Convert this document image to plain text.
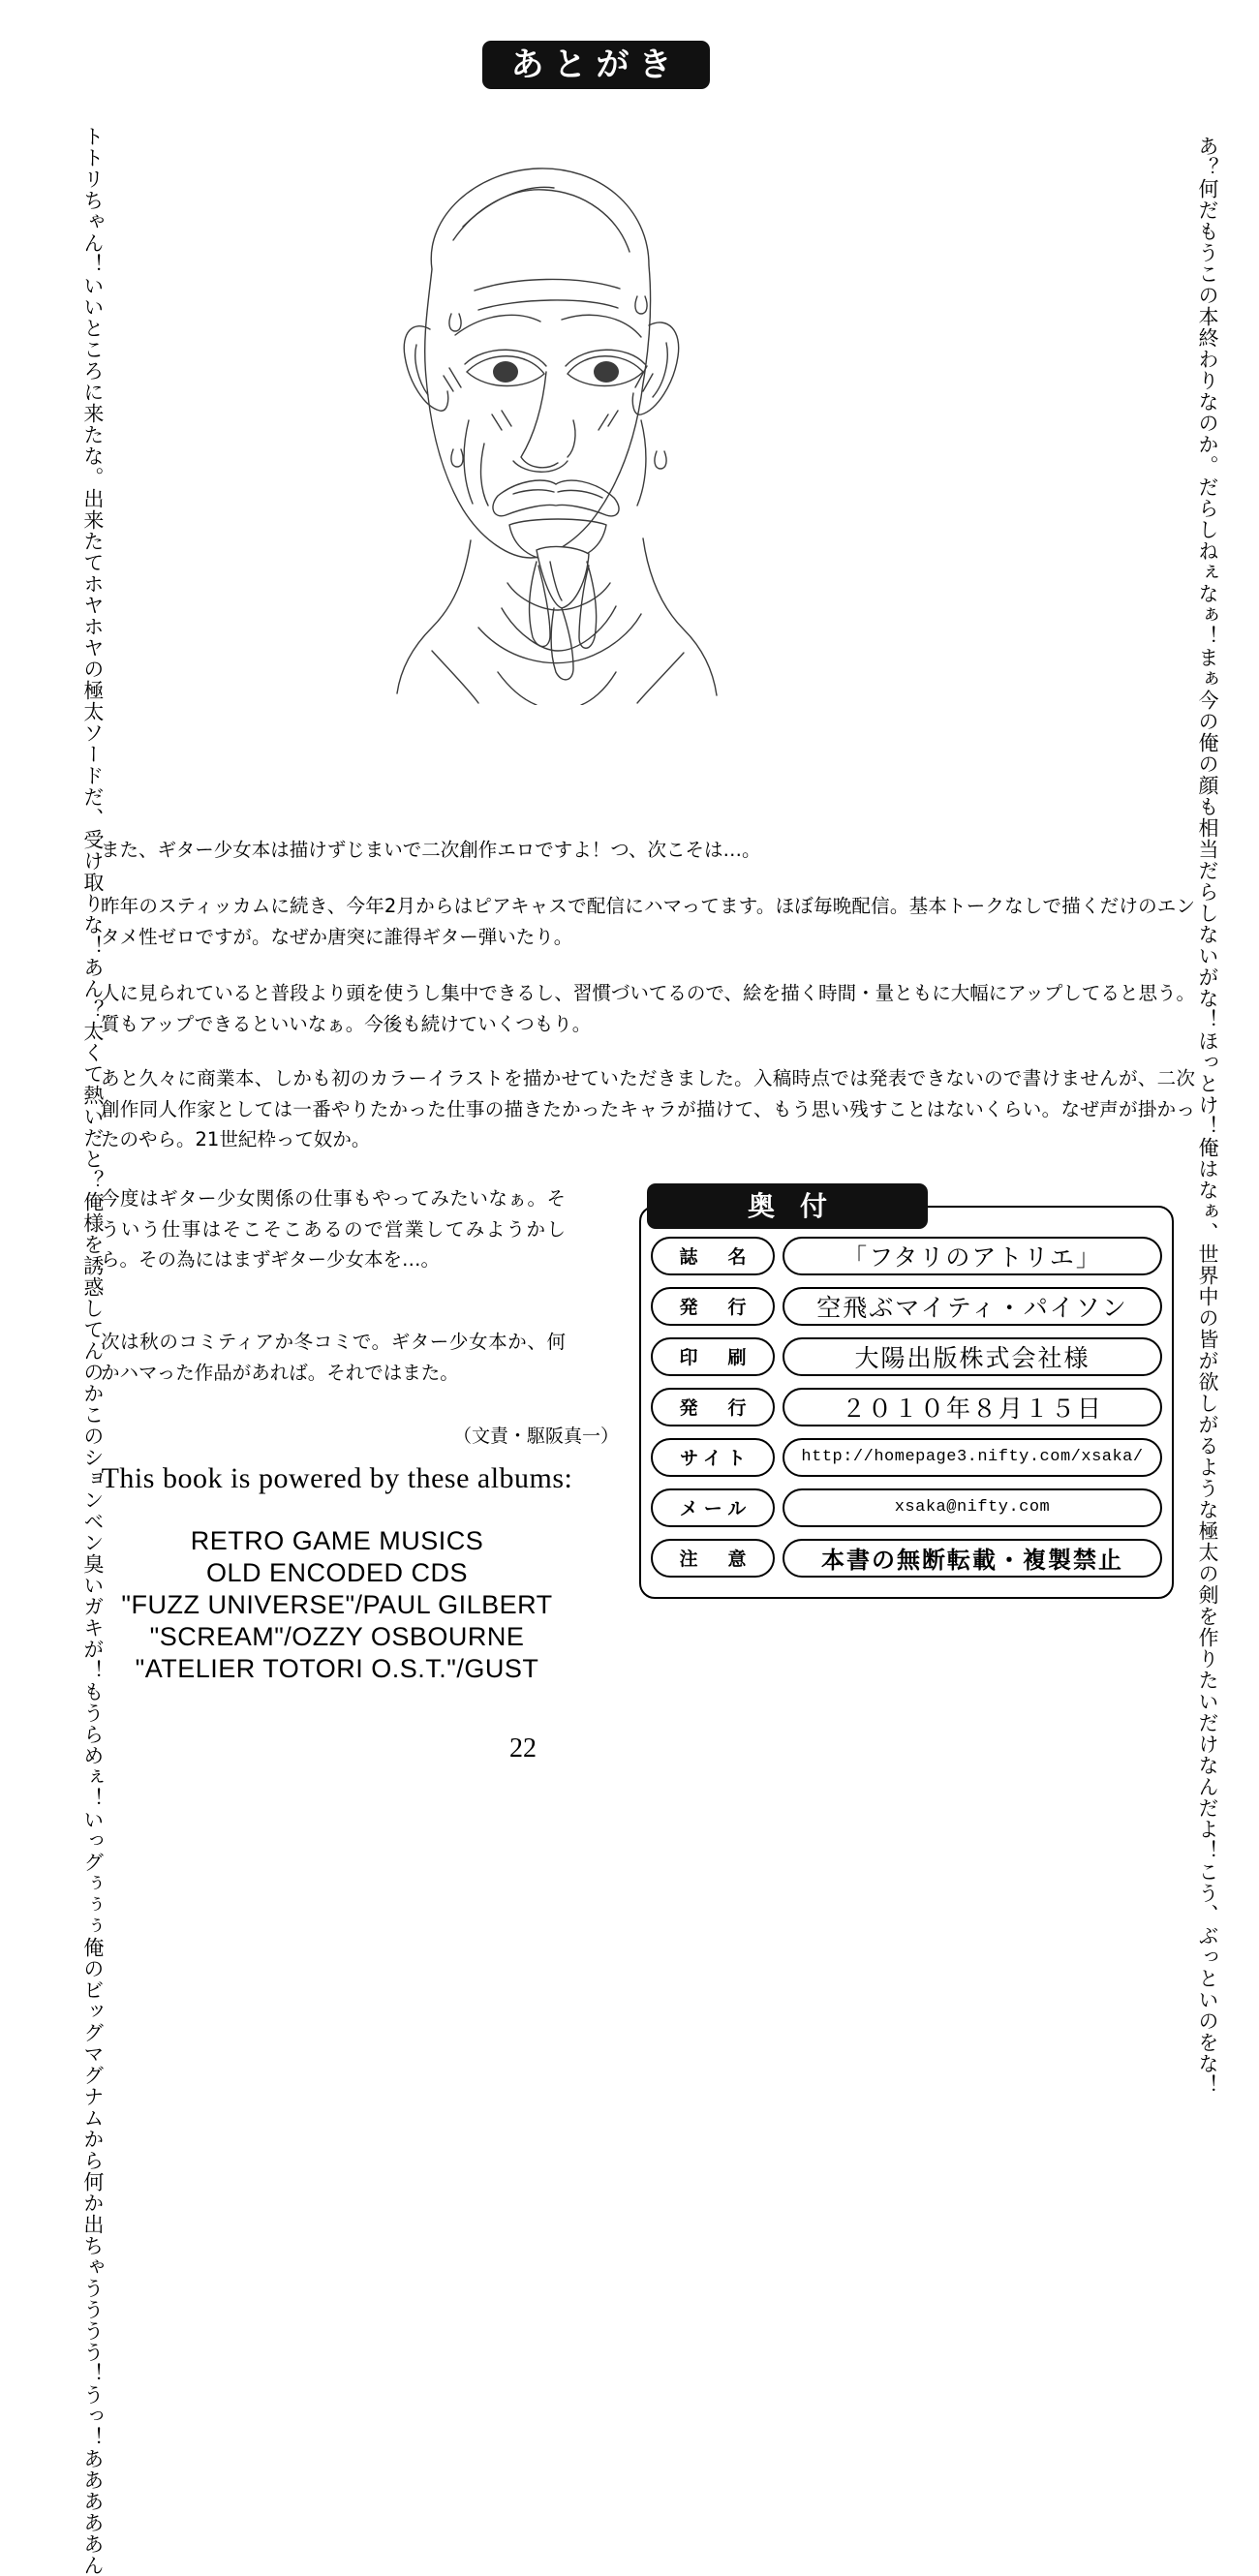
あとがき
あ？何だもうこの本終わりなのか。だらしねぇなぁ！まぁ今の俺の顔も相当だらしないがな！ほっとけ！俺はなぁ、世界中の皆が欲しがるような極太の剣を作りたいだけなんだよ！こう、ぶっといのをな！
トトリちゃん！いいところに来たな。出来たてホヤホヤの極太ソードだ、受け取りな！あん？太くて熱いだと？俺様を誘惑してんのかこのションベン臭いガキが！もうらめぇ！いっグぅぅぅ俺のビッグマグナムから何か出ちゃうううう！うっ！あああああん
また、ギター少女本は描けずじまいで二次創作エロですよ！つ、次こそは…。
昨年のスティッカムに続き、今年2月からはピアキャスで配信にハマってます。ほぼ毎晩配信。基本トークなしで描くだけのエンタメ性ゼロですが。なぜか唐突に誰得ギター弾いたり。
人に見られていると普段より頭を使うし集中できるし、習慣づいてるので、絵を描く時間・量ともに大幅にアップしてると思う。質もアップできるといいなぁ。今後も続けていくつもり。
あと久々に商業本、しかも初のカラーイラストを描かせていただきました。入稿時点では発表できないので書けませんが、二次創作同人作家としては一番やりたかった仕事の描きたかったキャラが描けて、もう思い残すことはないくらい。なぜ声が掛かったのやら。21世紀枠って奴か。
今度はギター少女関係の仕事もやってみたいなぁ。そういう仕事はそこそこあるので営業してみようかしら。その為にはまずギター少女本を…。
次は秋のコミティアか冬コミで。ギター少女本か、何かハマった作品があれば。それではまた。
（文責・駆阪真一）
This book is powered by these albums:
RETRO GAME MUSICS
OLD ENCODED CDS
"FUZZ UNIVERSE"/PAUL GILBERT
"SCREAM"/OZZY OSBOURNE
"ATELIER TOTORI O.S.T."/GUST
誌　名	「フタリのアトリエ」
発　行	空飛ぶマイティ・パイソン
印　刷	大陽出版株式会社様
発　行	２０１０年８月１５日
サイト	http://homepage3.nifty.com/xsaka/
メール	xsaka@nifty.com
注　意	本書の無断転載・複製禁止
奥付
22
